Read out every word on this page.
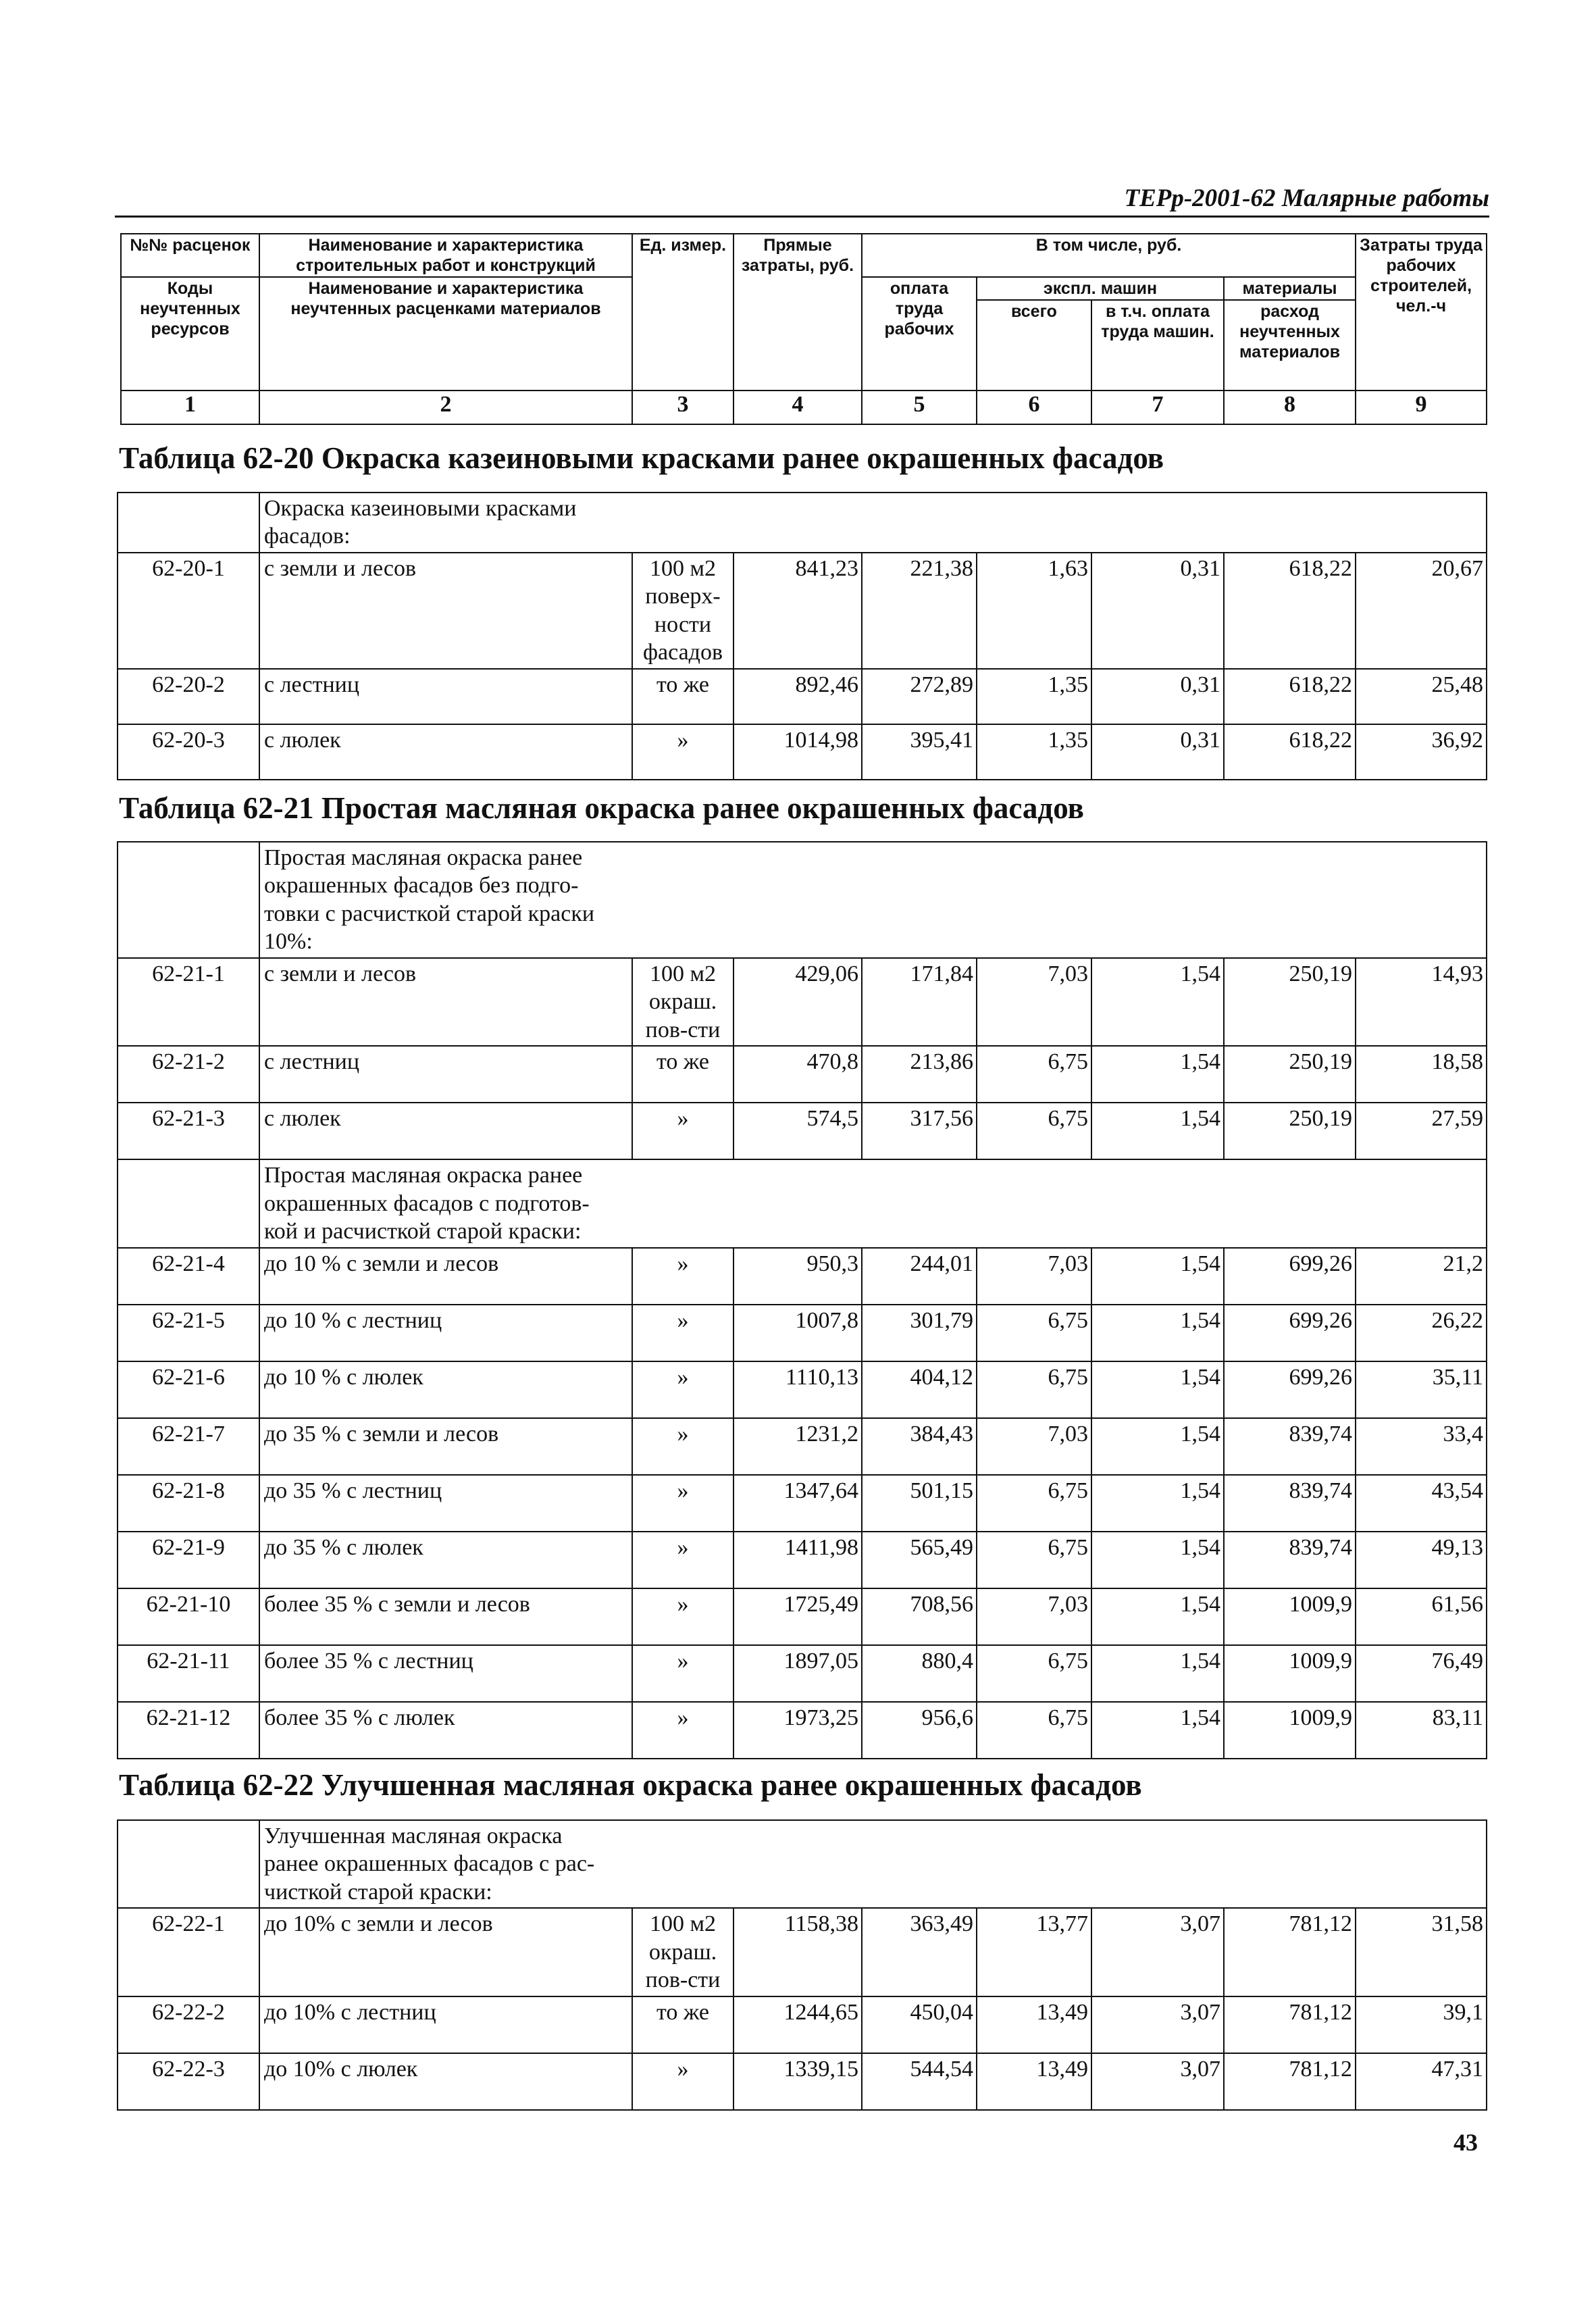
ТЕРр-2001-62 Малярные работы
№№ расценок	Наименование и характеристика строительных работ и конструкций	Ед. измер.	Прямые затраты, руб.	В том числе, руб.				Затраты труда рабочих строителей, чел.-ч
Коды неучтенных ресурсов	Наименование и характеристика неучтенных расценками материалов			оплата труда рабочих	экспл. машин		материалы	
					всего	в т.ч. оплата труда машин.	расход неучтенных материалов	
1	2	3	4	5	6	7	8	9
Таблица 62-20 Окраска казеиновыми красками ранее окрашенных фасадов

	Окраска казеиновыми красками фасадов:							

62-20-1	с земли и лесов	100 м2 поверх-ности фасадов	841,23	221,38	1,63	0,31	618,22	20,67
62-20-2	с лестниц	то же	892,46	272,89	1,35	0,31	618,22	25,48
62-20-3	с люлек	»	1014,98	395,41	1,35	0,31	618,22	36,92
Таблица 62-21 Простая масляная окраска ранее окрашенных фасадов

	Простая масляная окраска ранее окрашенных фасадов без подго-товки с расчисткой старой краски 10%:							

62-21-1	с земли и лесов	100 м2 окраш. пов-сти	429,06	171,84	7,03	1,54	250,19	14,93
62-21-2	с лестниц	то же	470,8	213,86	6,75	1,54	250,19	18,58
62-21-3	с люлек	»	574,5	317,56	6,75	1,54	250,19	27,59

	Простая масляная окраска ранее окрашенных фасадов с подготов-кой и расчисткой старой краски:							

62-21-4	до 10 % с земли и лесов	»	950,3	244,01	7,03	1,54	699,26	21,2
62-21-5	до 10 % с лестниц	»	1007,8	301,79	6,75	1,54	699,26	26,22
62-21-6	до 10 % с люлек	»	1110,13	404,12	6,75	1,54	699,26	35,11
62-21-7	до 35 % с земли и лесов	»	1231,2	384,43	7,03	1,54	839,74	33,4
62-21-8	до 35 % с лестниц	»	1347,64	501,15	6,75	1,54	839,74	43,54
62-21-9	до 35 % с люлек	»	1411,98	565,49	6,75	1,54	839,74	49,13
62-21-10	более 35 % с земли и лесов	»	1725,49	708,56	7,03	1,54	1009,9	61,56
62-21-11	более 35 % с лестниц	»	1897,05	880,4	6,75	1,54	1009,9	76,49
62-21-12	более 35 % с люлек	»	1973,25	956,6	6,75	1,54	1009,9	83,11
Таблица 62-22 Улучшенная масляная окраска ранее окрашенных фасадов

	Улучшенная масляная окраска ранее окрашенных фасадов с рас-чисткой старой краски:							

62-22-1	до 10% с земли и лесов	100 м2 окраш. пов-сти	1158,38	363,49	13,77	3,07	781,12	31,58
62-22-2	до 10% с лестниц	то же	1244,65	450,04	13,49	3,07	781,12	39,1
62-22-3	до 10% с люлек	»	1339,15	544,54	13,49	3,07	781,12	47,31
43
